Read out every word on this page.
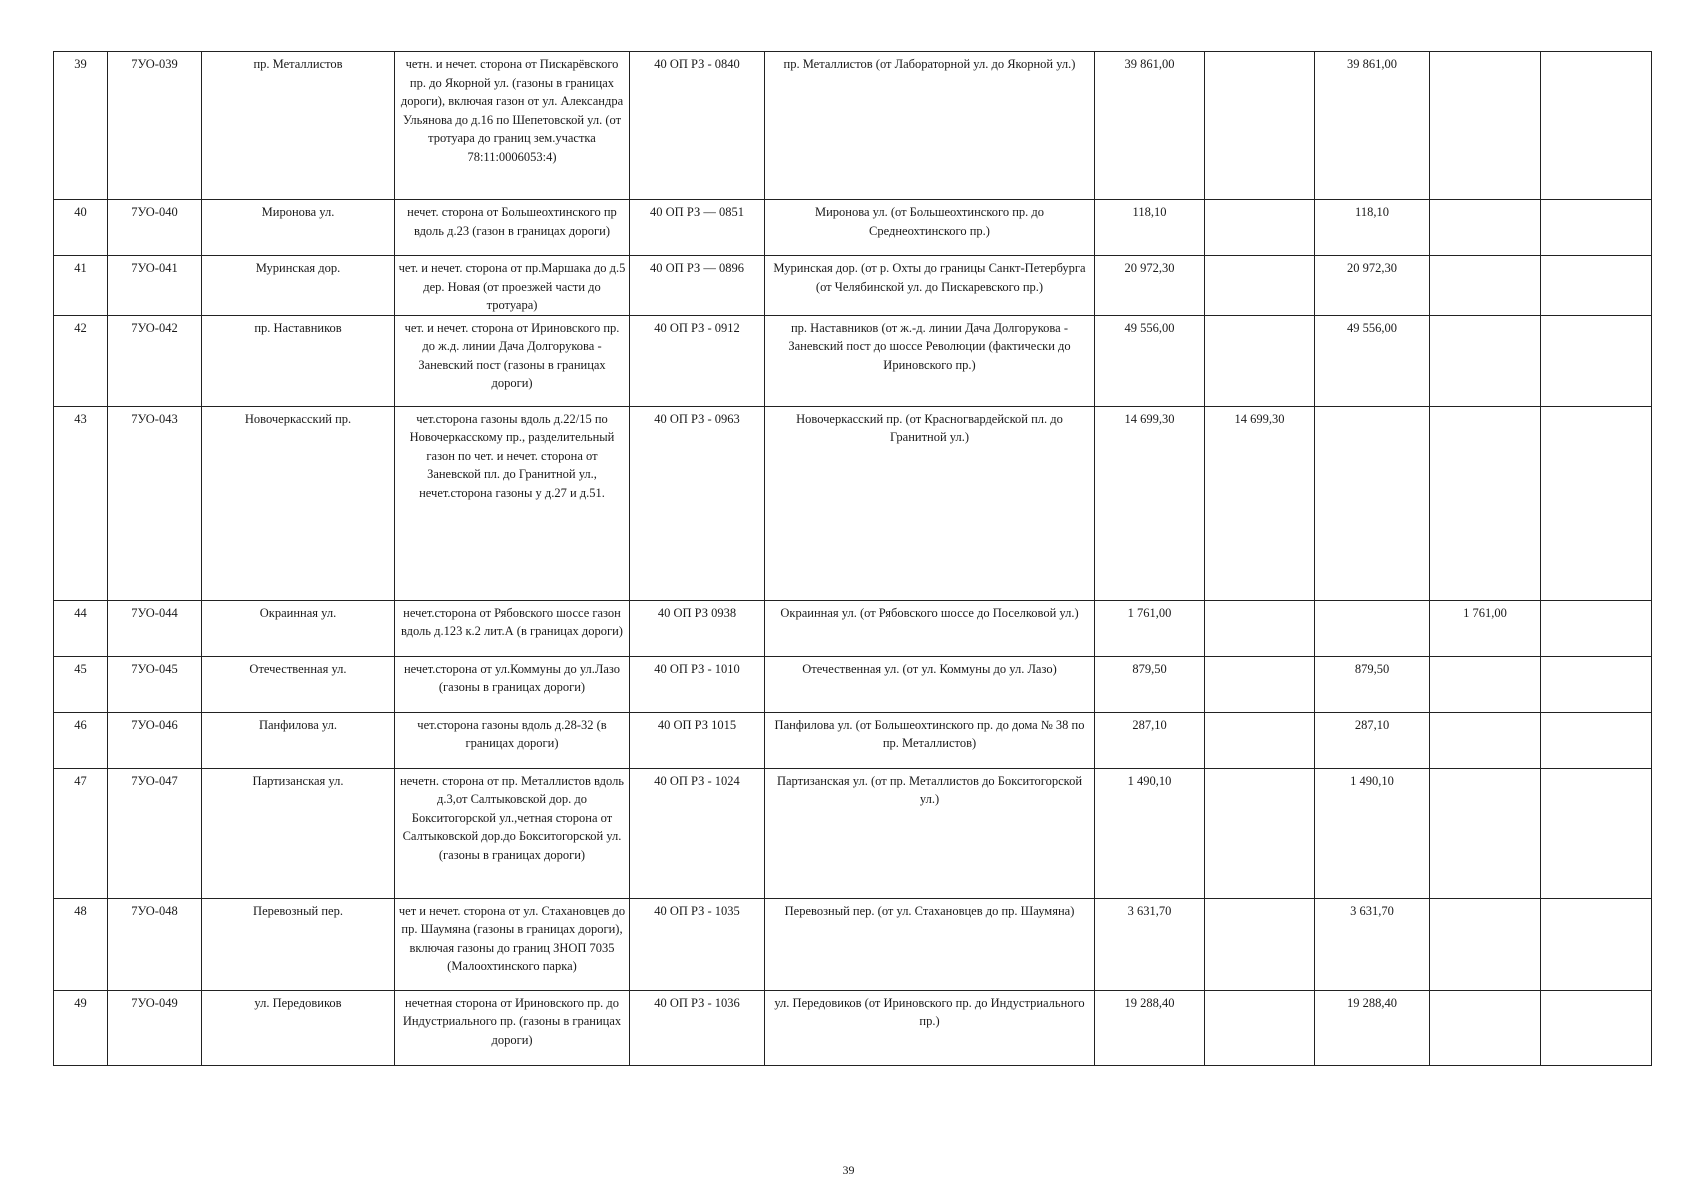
39	7УО-039	пр. Металлистов	четн. и нечет. сторона от Пискарёвского пр. до Якорной ул. (газоны в границах дороги), включая газон от ул. Александра Ульянова до д.16 по Шепетовской ул. (от тротуара до границ зем.участка 78:11:0006053:4)	40 ОП РЗ - 0840	пр. Металлистов (от Лабораторной ул. до Якорной ул.)	39 861,00		39 861,00		
40	7УО-040	Миронова ул.	нечет. сторона от Большеохтинского пр вдоль д.23 (газон в границах дороги)	40 ОП РЗ — 0851	Миронова ул. (от Большеохтинского пр. до Среднеохтинского пр.)	118,10		118,10		
41	7УО-041	Муринская дор.	чет. и нечет. сторона от пр.Маршака до д.5 дер. Новая (от проезжей части до тротуара)	40 ОП РЗ — 0896	Муринская дор. (от р. Охты до границы Санкт-Петербурга (от Челябинской ул. до Пискаревского пр.)	20 972,30		20 972,30		
42	7УО-042	пр. Наставников	чет. и нечет. сторона от Ириновского пр. до ж.д. линии Дача Долгорукова - Заневский пост (газоны в границах дороги)	40 ОП РЗ - 0912	пр. Наставников (от ж.-д. линии Дача Долгорукова - Заневский пост до шоссе Революции (фактически до Ириновского пр.)	49 556,00		49 556,00		
43	7УО-043	Новочеркасский пр.	чет.сторона газоны вдоль д.22/15 по Новочеркасскому пр., разделительный газон по чет. и нечет. сторона от Заневской пл. до Гранитной ул., нечет.сторона газоны у д.27 и д.51.	40 ОП РЗ - 0963	Новочеркасский пр. (от Красногвардейской пл. до Гранитной ул.)	14 699,30	14 699,30			
44	7УО-044	Окраинная ул.	нечет.сторона от Рябовского шоссе газон вдоль д.123 к.2 лит.А (в границах дороги)	40 ОП РЗ 0938	Окраинная ул. (от Рябовского шоссе до Поселковой ул.)	1 761,00			1 761,00	
45	7УО-045	Отечественная ул.	нечет.сторона от ул.Коммуны до ул.Лазо (газоны в границах дороги)	40 ОП РЗ - 1010	Отечественная ул. (от ул. Коммуны до ул. Лазо)	879,50		879,50		
46	7УО-046	Панфилова ул.	чет.сторона газоны вдоль д.28-32 (в границах дороги)	40 ОП РЗ 1015	Панфилова ул. (от Большеохтинского пр. до дома № 38 по пр. Металлистов)	287,10		287,10		
47	7УО-047	Партизанская ул.	нечетн. сторона от пр. Металлистов вдоль д.3,от Салтыковской дор. до Бокситогорской ул.,четная сторона от Салтыковской дор.до Бокситогорской ул. (газоны в границах дороги)	40 ОП РЗ - 1024	Партизанская ул. (от пр. Металлистов до Бокситогорской ул.)	1 490,10		1 490,10		
48	7УО-048	Перевозный пер.	чет и нечет. сторона от ул. Стахановцев до пр. Шаумяна (газоны в границах дороги), включая газоны до границ ЗНОП 7035 (Малоохтинского парка)	40 ОП РЗ - 1035	Перевозный пер. (от ул. Стахановцев до пр. Шаумяна)	3 631,70		3 631,70		
49	7УО-049	ул. Передовиков	нечетная сторона от Ириновского пр. до Индустриального пр. (газоны в границах дороги)	40 ОП РЗ - 1036	ул. Передовиков (от Ириновского пр. до Индустриального пр.)	19 288,40		19 288,40		
39
